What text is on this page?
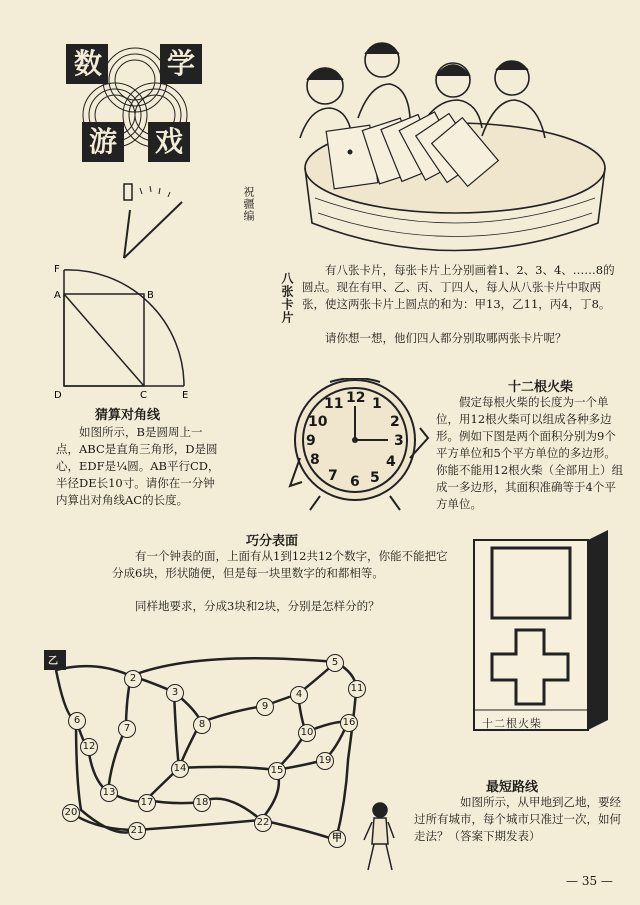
数 学
游 戏
祝疆编
八张卡片
有八张卡片，每张卡片上分别画着1、2、3、4、……8的圆点。现在有甲、乙、丙、丁四人，每人从八张卡片中取两张，使这两张卡片上圆点的和为：甲13，乙11，丙4，丁8。
请你想一想，他们四人都分别取哪两张卡片呢？
F
A	B
D	C	E
猜算对角线
如图所示，B是圆周上一点，ABC是直角三角形，D是圆心，EDF是¼圆。AB平行CD，半径DE长10寸。请你在一分钟内算出对角线AC的长度。
12 1
2
3
4
5
6
7
8
9
10
11
十二根火柴
假定每根火柴的长度为一个单位，用12根火柴可以组成各种多边形。例如下图是两个面积分别为9个平方单位和5个平方单位的多边形。你能不能用12根火柴（全部用上）组成一多边形，其面积准确等于4个平方单位。
巧分表面
有一个钟表的面，上面有从1到12共12个数字，你能不能把它分成6块，形状随便，但是每一块里数字的和都相等。
同样地要求，分成3块和2块，分别是怎样分的？
十二根火柴
乙
2
3	4
5
6
7	8
9
10
11
12
13
14	15
16
17	18
19
20
21
22
甲
最短路线
如图所示，从甲地到乙地，要经过所有城市，每个城市只准过一次，如何走法？（答案下期发表）
— 35 —
